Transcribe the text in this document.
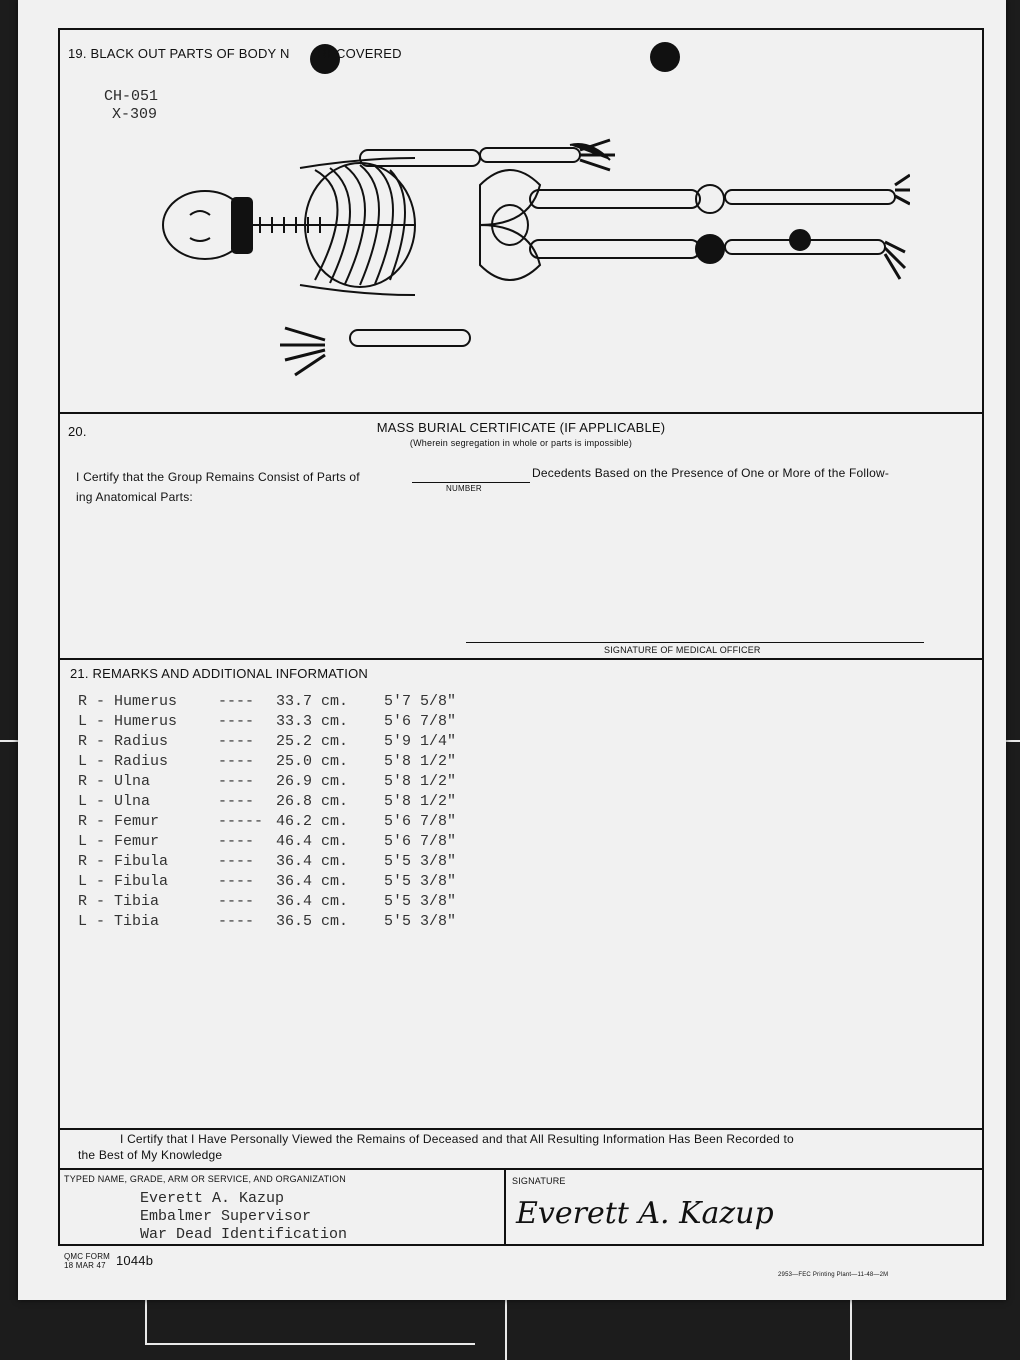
19. BLACK OUT PARTS OF BODY N RECOVERED
CH-051
X-309
20.	MASS BURIAL CERTIFICATE (IF APPLICABLE)
(Wherein segregation in whole or parts is impossible)
I Certify that the Group Remains Consist of Parts of
NUMBER
Decedents Based on the Presence of One or More of the Follow-
ing Anatomical Parts:
SIGNATURE OF MEDICAL OFFICER
21. REMARKS AND ADDITIONAL INFORMATION
I Certify that I Have Personally Viewed the Remains of Deceased and that All Resulting Information Has Been Recorded to
the Best of My Knowledge
TYPED NAME, GRADE, ARM OR SERVICE, AND ORGANIZATION
Everett A. Kazup
Embalmer Supervisor
War Dead Identification
SIGNATURE
Everett A. Kazup
R - Humerus	----	33.7 cm.	5'7 5/8"
L - Humerus	----	33.3 cm.	5'6 7/8"
R - Radius	----	25.2 cm.	5'9 1/4"
L - Radius	----	25.0 cm.	5'8 1/2"
R - Ulna	----	26.9 cm.	5'8 1/2"
L - Ulna	----	26.8 cm.	5'8 1/2"
R - Femur	----- 46.2 cm.	5'6 7/8"
L - Femur	----	46.4 cm.	5'6 7/8"
R - Fibula	----	36.4 cm.	5'5 3/8"
L - Fibula	----	36.4 cm.	5'5 3/8"
R - Tibia	----	36.4 cm.	5'5 3/8"
L - Tibia	----	36.5 cm.	5'5 3/8"
QMC FORM
18 MAR 47 1044b
2953—FEC Printing Plant—11-48—2M
